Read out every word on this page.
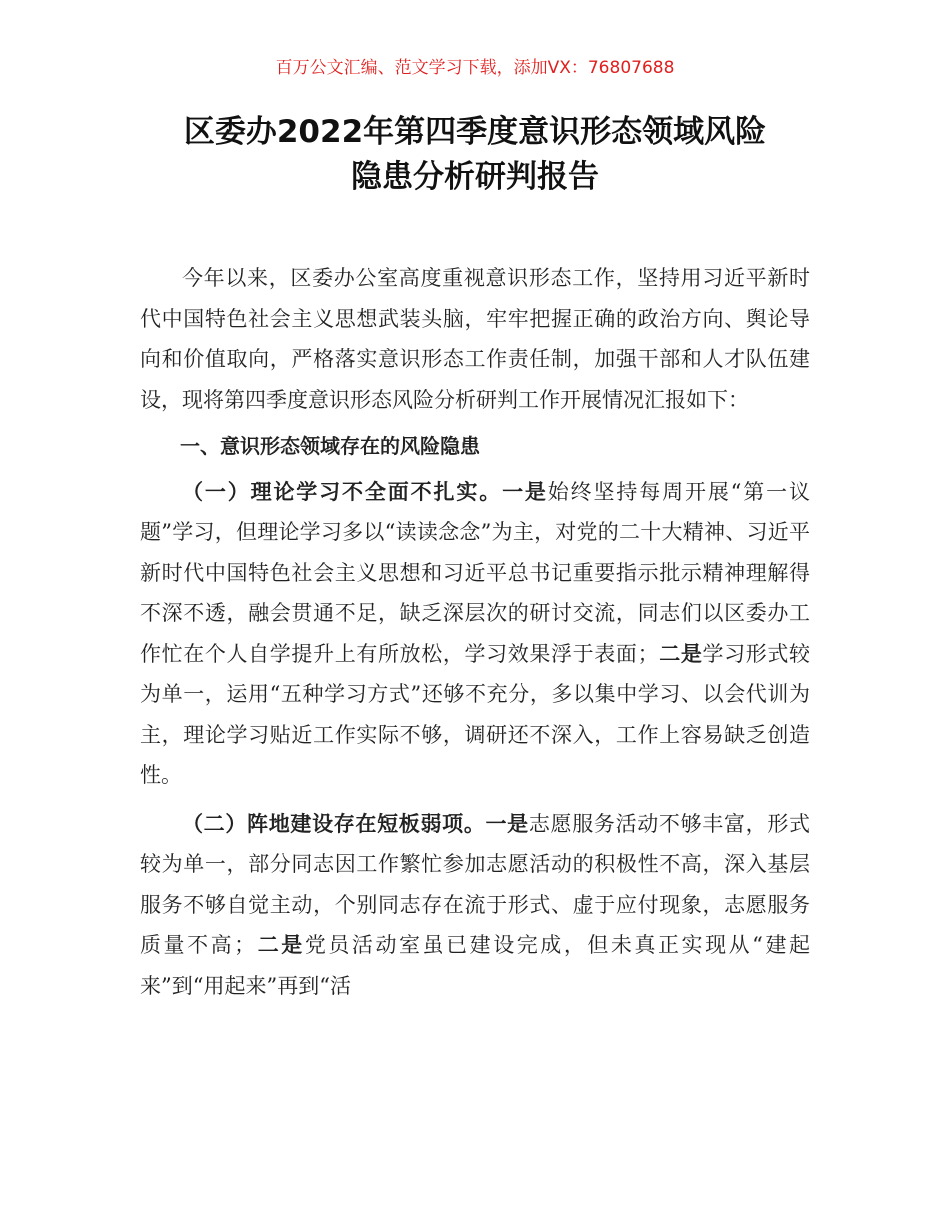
百万公文汇编、范文学习下载，添加VX：76807688
区委办2022年第四季度意识形态领域风险
隐患分析研判报告

今年以来，区委办公室高度重视意识形态工作，坚持用习近平新时代中国特色社会主义思想武装头脑，牢牢把握正确的政治方向、舆论导向和价值取向，严格落实意识形态工作责任制，加强干部和人才队伍建设，现将第四季度意识形态风险分析研判工作开展情况汇报如下：

一、意识形态领域存在的风险隐患

（一）理论学习不全面不扎实。一是始终坚持每周开展“第一议题”学习，但理论学习多以“读读念念”为主，对党的二十大精神、习近平新时代中国特色社会主义思想和习近平总书记重要指示批示精神理解得不深不透，融会贯通不足，缺乏深层次的研讨交流，同志们以区委办工作忙在个人自学提升上有所放松，学习效果浮于表面；二是学习形式较为单一，运用“五种学习方式”还够不充分，多以集中学习、以会代训为主，理论学习贴近工作实际不够，调研还不深入，工作上容易缺乏创造性。

（二）阵地建设存在短板弱项。一是志愿服务活动不够丰富，形式较为单一，部分同志因工作繁忙参加志愿活动的积极性不高，深入基层服务不够自觉主动，个别同志存在流于形式、虚于应付现象，志愿服务质量不高；二是党员活动室虽已建设完成，但未真正实现从“建起来”到“用起来”再到“活
